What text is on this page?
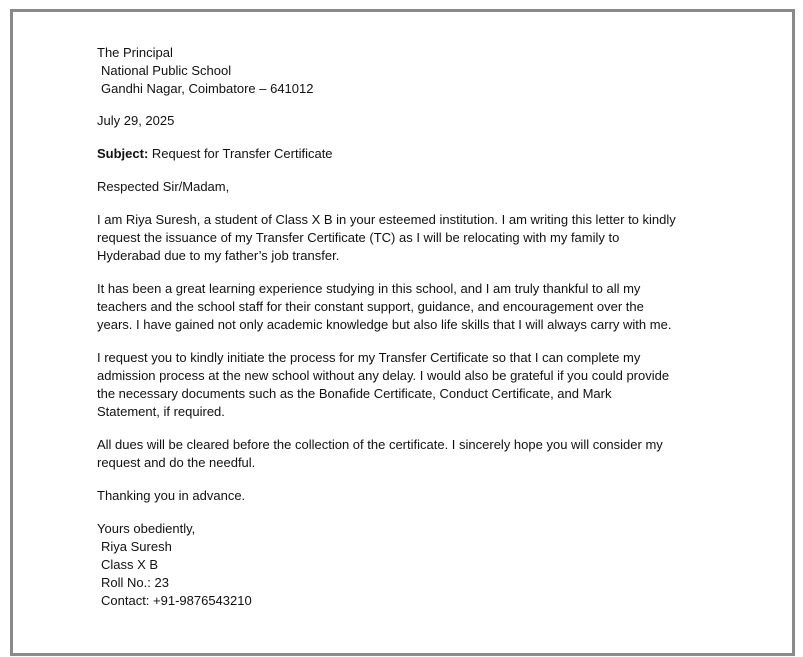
The Principal
National Public School
Gandhi Nagar, Coimbatore – 641012
July 29, 2025
Subject: Request for Transfer Certificate
Respected Sir/Madam,
I am Riya Suresh, a student of Class X B in your esteemed institution. I am writing this letter to kindly
request the issuance of my Transfer Certificate (TC) as I will be relocating with my family to
Hyderabad due to my father’s job transfer.
It has been a great learning experience studying in this school, and I am truly thankful to all my
teachers and the school staff for their constant support, guidance, and encouragement over the
years. I have gained not only academic knowledge but also life skills that I will always carry with me.
I request you to kindly initiate the process for my Transfer Certificate so that I can complete my
admission process at the new school without any delay. I would also be grateful if you could provide
the necessary documents such as the Bonafide Certificate, Conduct Certificate, and Mark
Statement, if required.
All dues will be cleared before the collection of the certificate. I sincerely hope you will consider my
request and do the needful.
Thanking you in advance.
Yours obediently,
Riya Suresh
Class X B
Roll No.: 23
Contact: +91-9876543210
